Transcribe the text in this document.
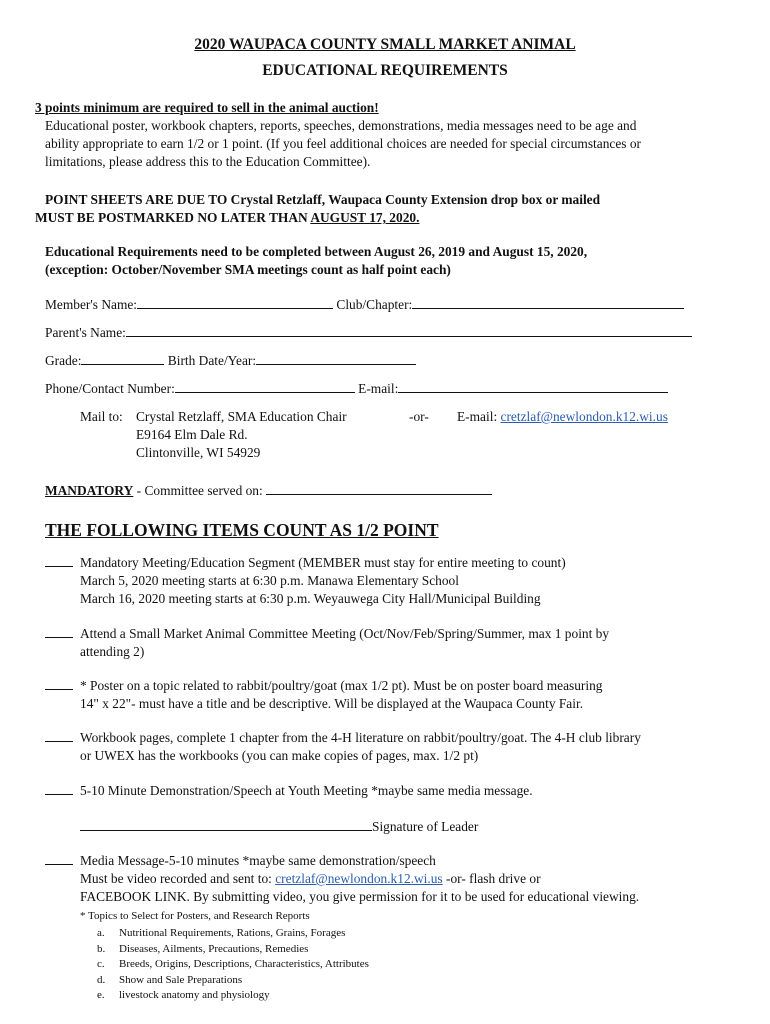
2020 WAUPACA COUNTY SMALL MARKET ANIMAL
EDUCATIONAL REQUIREMENTS
3 points minimum are required to sell in the animal auction!
Educational poster, workbook chapters, reports, speeches, demonstrations, media messages need to be age and
ability appropriate to earn 1/2 or 1 point. (If you feel additional choices are needed for special circumstances or
limitations, please address this to the Education Committee).
POINT SHEETS ARE DUE TO Crystal Retzlaff, Waupaca County Extension drop box or mailed
MUST BE POSTMARKED NO LATER THAN AUGUST 17, 2020.
Educational Requirements need to be completed between August 26, 2019 and August 15, 2020,
(exception: October/November SMA meetings count as half point each)
Member's Name:	Club/Chapter:
Parent's Name:
Grade:	Birth Date/Year:
Phone/Contact Number:	E-mail:
Mail to: Crystal Retzlaff, SMA Education Chair
E9164 Elm Dale Rd.
Clintonville, WI 54929
-or- E-mail: cretzlaf@newlondon.k12.wi.us
MANDATORY - Committee served on:
THE FOLLOWING ITEMS COUNT AS 1/2 POINT
Mandatory Meeting/Education Segment (MEMBER must stay for entire meeting to count)
March 5, 2020 meeting starts at 6:30 p.m. Manawa Elementary School
March 16, 2020 meeting starts at 6:30 p.m. Weyauwega City Hall/Municipal Building
Attend a Small Market Animal Committee Meeting (Oct/Nov/Feb/Spring/Summer, max 1 point by
attending 2)
* Poster on a topic related to rabbit/poultry/goat (max 1/2 pt). Must be on poster board measuring
14" x 22"- must have a title and be descriptive. Will be displayed at the Waupaca County Fair.
Workbook pages, complete 1 chapter from the 4-H literature on rabbit/poultry/goat. The 4-H club library
or UWEX has the workbooks (you can make copies of pages, max. 1/2 pt)
5-10 Minute Demonstration/Speech at Youth Meeting *maybe same media message.
Signature of Leader
Media Message-5-10 minutes *maybe same demonstration/speech
Must be video recorded and sent to: cretzlaf@newlondon.k12.wi.us -or- flash drive or
FACEBOOK LINK. By submitting video, you give permission for it to be used for educational viewing.
* Topics to Select for Posters, and Research Reports
a. Nutritional Requirements, Rations, Grains, Forages
b. Diseases, Ailments, Precautions, Remedies
c. Breeds, Origins, Descriptions, Characteristics, Attributes
d. Show and Sale Preparations
e. livestock anatomy and physiology
